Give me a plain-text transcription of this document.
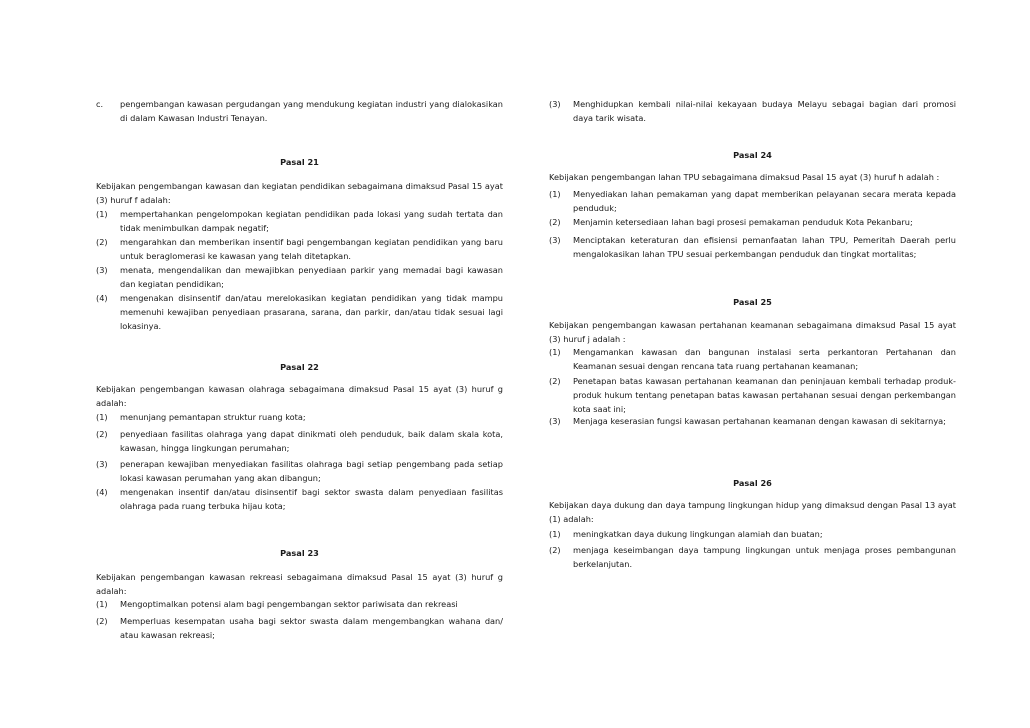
c.	pengembangan kawasan pergudangan yang mendukung kegiatan industri yang dialokasikan di dalam Kawasan Industri Tenayan.
Pasal 21
Kebijakan pengembangan kawasan dan kegiatan pendidikan sebagaimana dimaksud Pasal 15 ayat (3) huruf f adalah:
(1)	mempertahankan pengelompokan kegiatan pendidikan pada lokasi yang sudah tertata dan tidak menimbulkan dampak negatif;
(2)	mengarahkan dan memberikan insentif bagi pengembangan kegiatan pendidikan yang baru untuk beraglomerasi ke kawasan yang telah ditetapkan.
(3)	menata, mengendalikan dan mewajibkan penyediaan parkir yang memadai bagi kawasan dan kegiatan pendidikan;
(4)	mengenakan disinsentif dan/atau merelokasikan kegiatan pendidikan yang tidak mampu memenuhi kewajiban penyediaan prasarana, sarana, dan parkir, dan/atau tidak sesuai lagi lokasinya.
Pasal 22
Kebijakan pengembangan kawasan olahraga sebagaimana dimaksud Pasal 15 ayat (3) huruf g adalah:
(1)	menunjang pemantapan struktur ruang kota;
(2)	penyediaan fasilitas olahraga yang dapat dinikmati oleh penduduk, baik dalam skala kota, kawasan, hingga lingkungan perumahan;
(3)	penerapan kewajiban menyediakan fasilitas olahraga bagi setiap pengembang pada setiap lokasi kawasan perumahan yang akan dibangun;
(4)	mengenakan insentif dan/atau disinsentif bagi sektor swasta dalam penyediaan fasilitas olahraga pada ruang terbuka hijau kota;
Pasal 23
Kebijakan pengembangan kawasan rekreasi sebagaimana dimaksud Pasal 15 ayat (3) huruf g adalah:
(1)	Mengoptimalkan potensi alam bagi pengembangan sektor pariwisata dan rekreasi
(2)	Memperluas kesempatan usaha bagi sektor swasta dalam mengembangkan wahana dan/ atau kawasan rekreasi;
(3)	Menghidupkan kembali nilai-nilai kekayaan budaya Melayu sebagai bagian dari promosi daya tarik wisata.
Pasal 24
Kebijakan pengembangan lahan TPU sebagaimana dimaksud Pasal 15 ayat (3) huruf h adalah :
(1)	Menyediakan lahan pemakaman yang dapat memberikan pelayanan secara merata kepada penduduk;
(2)	Menjamin ketersediaan lahan bagi prosesi pemakaman penduduk Kota Pekanbaru;
(3)	Menciptakan keteraturan dan efisiensi pemanfaatan lahan TPU, Pemeritah Daerah perlu mengalokasikan lahan TPU sesuai perkembangan penduduk dan tingkat mortalitas;
Pasal 25
Kebijakan pengembangan kawasan pertahanan keamanan sebagaimana dimaksud Pasal 15 ayat (3) huruf j adalah :
(1)	Mengamankan kawasan dan bangunan instalasi serta perkantoran Pertahanan dan Keamanan sesuai dengan rencana tata ruang pertahanan keamanan;
(2)	Penetapan batas kawasan pertahanan keamanan dan peninjauan kembali terhadap produk-produk hukum tentang penetapan batas kawasan pertahanan sesuai dengan perkembangan kota saat ini;
(3)	Menjaga keserasian fungsi kawasan pertahanan keamanan dengan kawasan di sekitarnya;
Pasal 26
Kebijakan daya dukung dan daya tampung lingkungan hidup yang dimaksud dengan Pasal 13 ayat (1) adalah:
(1)	meningkatkan daya dukung lingkungan alamiah dan buatan;
(2)	menjaga keseimbangan daya tampung lingkungan untuk menjaga proses pembangunan berkelanjutan.
